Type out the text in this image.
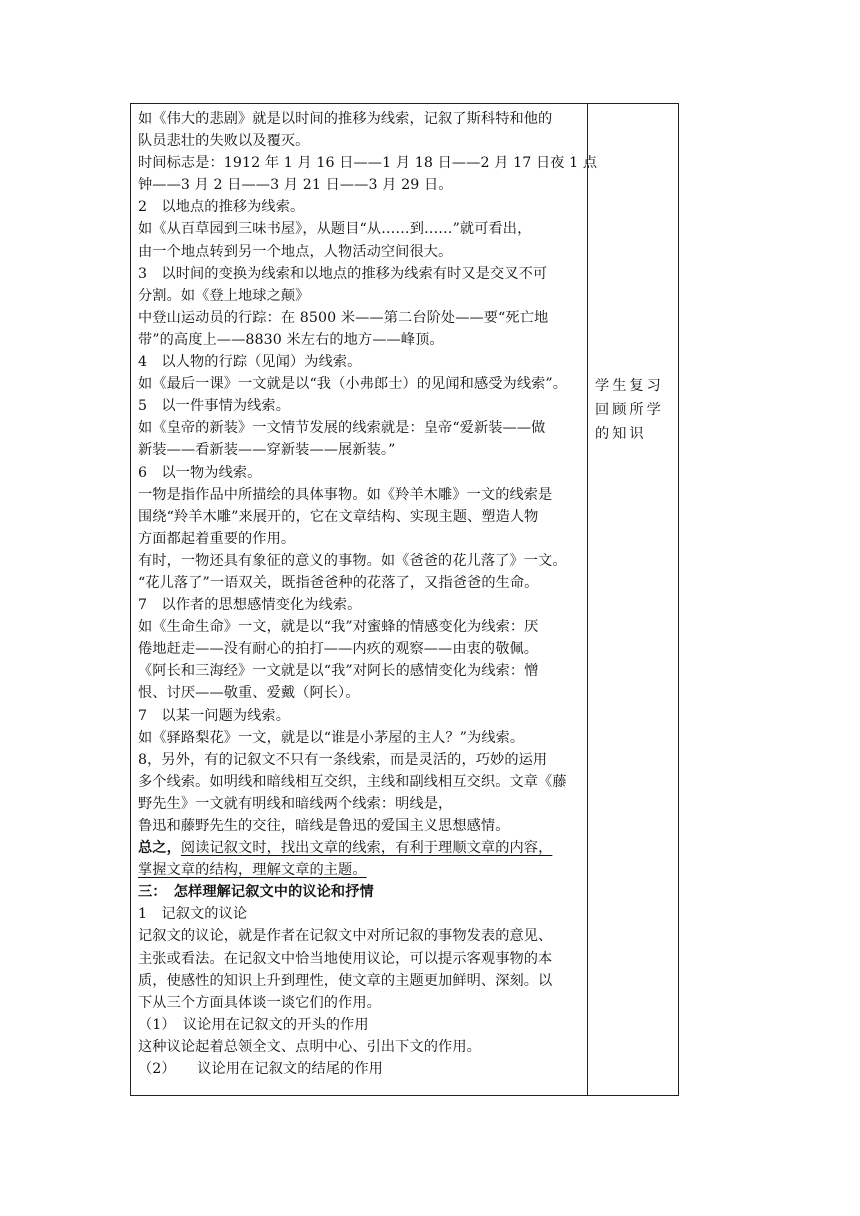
如《伟大的悲剧》就是以时间的推移为线索，记叙了斯科特和他的
队员悲壮的失败以及覆灭。
时间标志是：1912 年 1 月 16 日——1 月 18 日——2 月 17 日夜 1 点
钟——3 月 2 日——3 月 21 日——3 月 29 日。
2　以地点的推移为线索。
如《从百草园到三味书屋》，从题目“从……到……”就可看出，
由一个地点转到另一个地点，人物活动空间很大。
3　以时间的变换为线索和以地点的推移为线索有时又是交叉不可
分割。如《登上地球之颠》
中登山运动员的行踪：在 8500 米——第二台阶处——要“死亡地
带”的高度上——8830 米左右的地方——峰顶。
4　以人物的行踪（见闻）为线索。
如《最后一课》一文就是以“我（小弗郎士）的见闻和感受为线索”。
5　以一件事情为线索。
如《皇帝的新装》一文情节发展的线索就是：皇帝“爱新装——做
新装——看新装——穿新装——展新装。”
6　以一物为线索。
一物是指作品中所描绘的具体事物。如《羚羊木雕》一文的线索是
围绕“羚羊木雕”来展开的，它在文章结构、实现主题、塑造人物
方面都起着重要的作用。
有时，一物还具有象征的意义的事物。如《爸爸的花儿落了》一文。
“花儿落了”一语双关，既指爸爸种的花落了，又指爸爸的生命。
7　以作者的思想感情变化为线索。
如《生命生命》一文，就是以“我”对蜜蜂的情感变化为线索：厌
倦地赶走——没有耐心的拍打——内疚的观察——由衷的敬佩。
《阿长和三海经》一文就是以“我”对阿长的感情变化为线索：憎
恨、讨厌——敬重、爱戴（阿长）。
7　以某一问题为线索。
如《驿路梨花》一文，就是以“谁是小茅屋的主人？”为线索。
8，另外，有的记叙文不只有一条线索，而是灵活的，巧妙的运用
多个线索。如明线和暗线相互交织，主线和副线相互交织。文章《藤
野先生》一文就有明线和暗线两个线索：明线是，
鲁迅和藤野先生的交往，暗线是鲁迅的爱国主义思想感情。
总之，阅读记叙文时，找出文章的线索，有利于理顺文章的内容，
掌握文章的结构，理解文章的主题。
三：　怎样理解记叙文中的议论和抒情
1　记叙文的议论
记叙文的议论，就是作者在记叙文中对所记叙的事物发表的意见、
主张或看法。在记叙文中恰当地使用议论，可以提示客观事物的本
质，使感性的知识上升到理性，使文章的主题更加鲜明、深刻。以
下从三个方面具体谈一谈它们的作用。
（1）　议论用在记叙文的开头的作用
这种议论起着总领全文、点明中心、引出下文的作用。
（2）　　议论用在记叙文的结尾的作用
学生复习
回顾所学
的知识
